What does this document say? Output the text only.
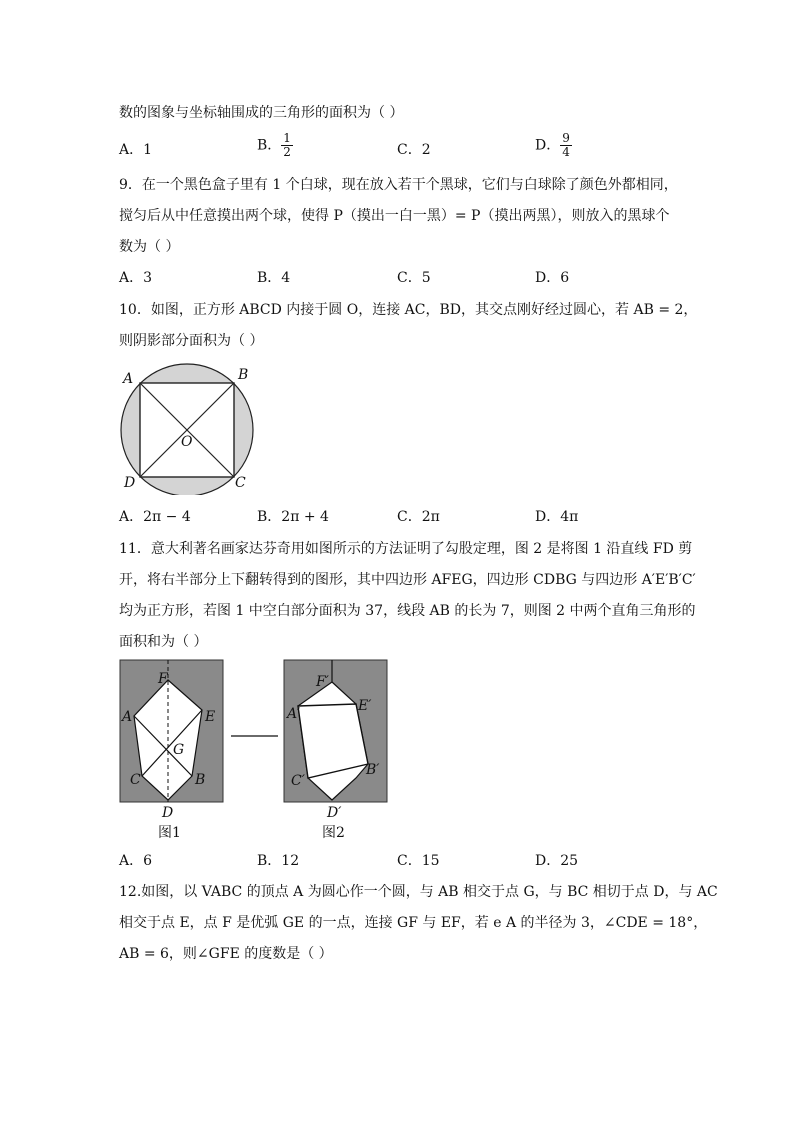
数的图象与坐标轴围成的三角形的面积为（ ）
A．1	B． $\frac{1}{2}$	C．2	D． $\frac{9}{4}$
9．在一个黑色盒子里有 1 个白球，现在放入若干个黑球，它们与白球除了颜色外都相同，
搅匀后从中任意摸出两个球，使得 P（摸出一白一黑）= P（摸出两黑），则放入的黑球个
数为（ ）
A．3	B．4	C．5	D．6
10．如图，正方形 ABCD 内接于圆 O，连接 AC，BD，其交点刚好经过圆心，若 AB = 2，
则阴影部分面积为（ ）
A	B
C
D
O
A．2π − 4	B．2π + 4	C．2π	D．4π
11．意大利著名画家达芬奇用如图所示的方法证明了勾股定理，图 2 是将图 1 沿直线 FD 剪
开，将右半部分上下翻转得到的图形，其中四边形 AFEG，四边形 CDBG 与四边形 A′E′B′C′
均为正方形，若图 1 中空白部分面积为 37，线段 AB 的长为 7，则图 2 中两个直角三角形的
面积和为（ ）
F
A	E
G
C	B
D
F′
A′	E′
C′
B′
D′
图1	图2
A．6	B．12	C．15	D．25
12.如图，以 VABC 的顶点 A 为圆心作一个圆，与 AB 相交于点 G，与 BC 相切于点 D，与 AC
相交于点 E，点 F 是优弧 GE 的一点，连接 GF 与 EF，若 e A 的半径为 3，∠CDE = 18°，
AB = 6，则∠GFE 的度数是（ ）
